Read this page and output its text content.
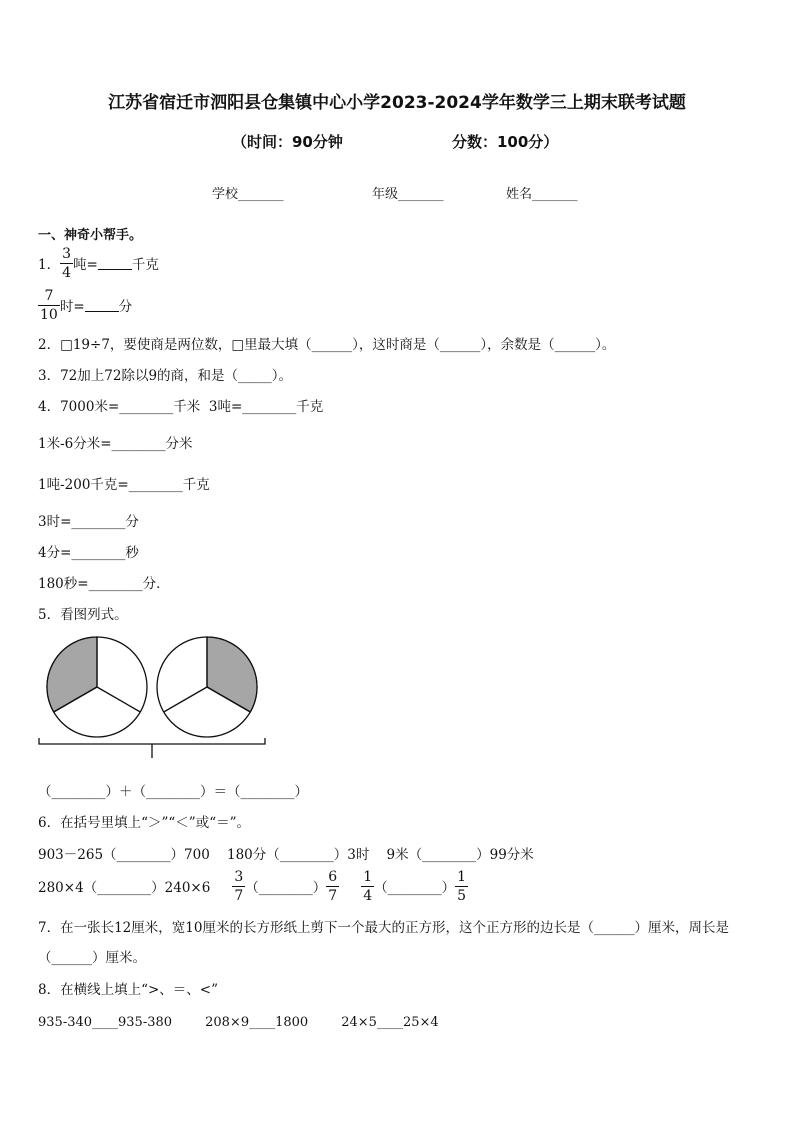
江苏省宿迁市泗阳县仓集镇中心小学2023-2024学年数学三上期末联考试题
（时间：90分钟	分数：100分）
学校_______	年级_______	姓名_______
一、神奇小帮手。
1． $\frac{3}{4}$ 吨=	千克
$\frac{7}{10}$ 时=	分
2．□19÷7，要使商是两位数，□里最大填（______），这时商是（______），余数是（______）。
3．72加上72除以9的商，和是（_____）。
4．7000米=________千米 3吨=________千克
1米-6分米=________分米
1吨-200千克=________千克
3时=________分
4分=________秒
180秒=________分．
5．看图列式。
（________）＋（________）＝（________）
6．在括号里填上“＞”“＜”或“＝”。
903－265（________）700 180分（________）3时 9米（________）99分米
280×4（________）240×6 $\frac{3}{7}$ （________） $\frac{6}{7} \frac{1}{4}$ （________） $\frac{1}{5}$
7．在一张长12厘米，宽10厘米的长方形纸上剪下一个最大的正方形，这个正方形的边长是（______）厘米，周长是
（______）厘米。
8．在横线上填上“>、＝、<”
935-340____935-380	208×9____1800	24×5____25×4
